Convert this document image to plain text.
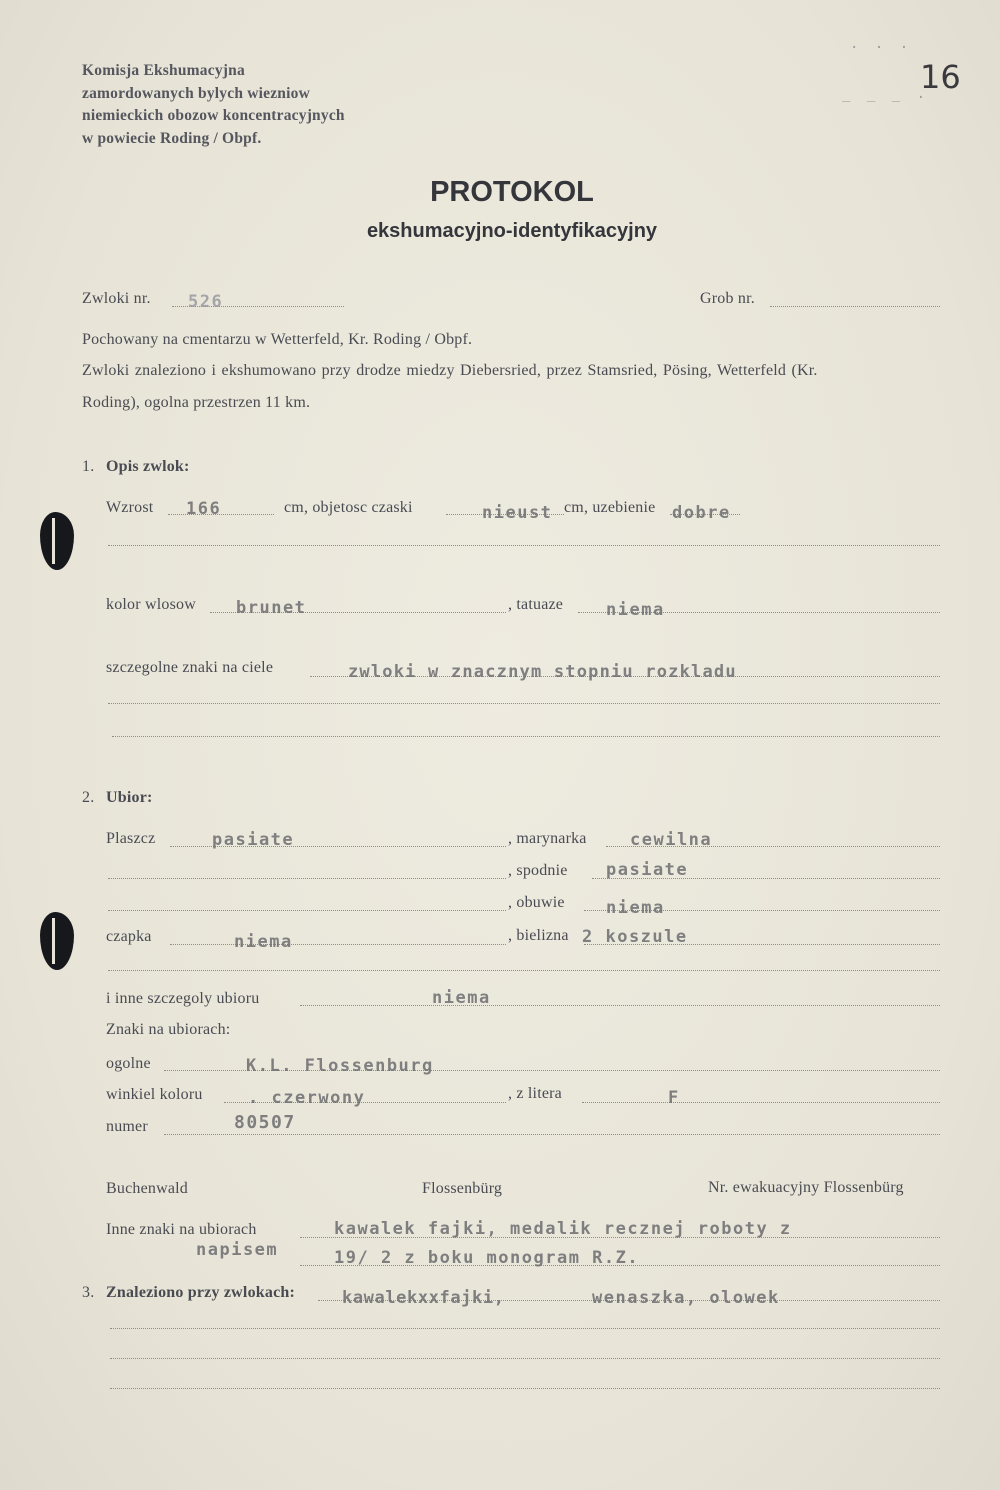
Komisja Ekshumacyjna
zamordowanych bylych wiezniow
niemieckich obozow koncentracyjnych
w powiecie Roding / Obpf.
. . .
_ _ _ .
16
PROTOKOL
ekshumacyjno-identyfikacyjny
Zwloki nr. 526	Grob nr.
Pochowany na cmentarzu w Wetterfeld, Kr. Roding / Obpf.
Zwloki znaleziono i ekshumowano przy drodze miedzy Diebersried, przez Stamsried, Pösing, Wetterfeld (Kr.
Roding), ogolna przestrzen 11 km.
1. Opis zwlok:
Wzrost 166	cm, objetosc czaski	nieust cm, uzebienie dobre
kolor wlosow brunet	, tatuaze	niema
szczegolne znaki na ciele	zwloki w znacznym stopniu rozkladu
2. Ubior:
Plaszcz	pasiate	, marynarka	cewilna
, spodnie pasiate
, obuwie niema
czapka	niema	, bielizna 2 koszule
i inne szczegoly ubioru	niema
Znaki na ubiorach:
ogolne	K.L. Flossenburg
winkiel koloru	. czerwony	, z litera	F
numer	80507
Buchenwald	Flossenbürg	Nr. ewakuacyjny Flossenbürg
Inne znaki na ubiorach	kawalek fajki, medalik recznej roboty z
napisem	19/ 2 z boku monogram R.Z.
3. Znaleziono przy zwlokach:	kawalekxxfajki,	wenaszka, olowek
